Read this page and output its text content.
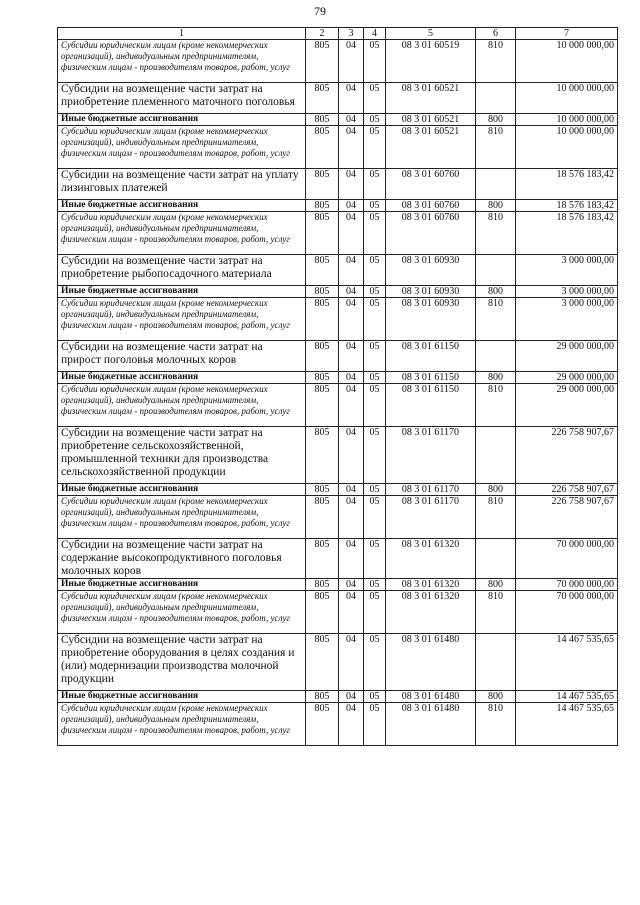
79
1	2	3	4	5	6	7
Субсидии юридическим лицам (кроме некоммерческих организаций), индивидуальным предпринимателям, физическим лицам - производителям товаров, работ, услуг	805	04	05	08 3 01 60519	810	10 000 000,00
Субсидии на возмещение части затрат на приобретение племенного маточного поголовья	805	04	05	08 3 01 60521		10 000 000,00
Иные бюджетные ассигнования	805	04	05	08 3 01 60521	800	10 000 000,00
Субсидии юридическим лицам (кроме некоммерческих организаций), индивидуальным предпринимателям, физическим лицам - производителям товаров, работ, услуг	805	04	05	08 3 01 60521	810	10 000 000,00
Субсидии на возмещение части затрат на уплату лизинговых платежей	805	04	05	08 3 01 60760		18 576 183,42
Иные бюджетные ассигнования	805	04	05	08 3 01 60760	800	18 576 183,42
Субсидии юридическим лицам (кроме некоммерческих организаций), индивидуальным предпринимателям, физическим лицам - производителям товаров, работ, услуг	805	04	05	08 3 01 60760	810	18 576 183,42
Субсидии на возмещение части затрат на приобретение рыбопосадочного материала	805	04	05	08 3 01 60930		3 000 000,00
Иные бюджетные ассигнования	805	04	05	08 3 01 60930	800	3 000 000,00
Субсидии юридическим лицам (кроме некоммерческих организаций), индивидуальным предпринимателям, физическим лицам - производителям товаров, работ, услуг	805	04	05	08 3 01 60930	810	3 000 000,00
Субсидии на возмещение части затрат на прирост поголовья молочных коров	805	04	05	08 3 01 61150		29 000 000,00
Иные бюджетные ассигнования	805	04	05	08 3 01 61150	800	29 000 000,00
Субсидии юридическим лицам (кроме некоммерческих организаций), индивидуальным предпринимателям, физическим лицам - производителям товаров, работ, услуг	805	04	05	08 3 01 61150	810	29 000 000,00
Субсидии на возмещение части затрат на приобретение сельскохозяйственной, промышленной техники для производства сельскохозяйственной продукции	805	04	05	08 3 01 61170		226 758 907,67
Иные бюджетные ассигнования	805	04	05	08 3 01 61170	800	226 758 907,67
Субсидии юридическим лицам (кроме некоммерческих организаций), индивидуальным предпринимателям, физическим лицам - производителям товаров, работ, услуг	805	04	05	08 3 01 61170	810	226 758 907,67
Субсидии на возмещение части затрат на содержание высокопродуктивного поголовья молочных коров	805	04	05	08 3 01 61320		70 000 000,00
Иные бюджетные ассигнования	805	04	05	08 3 01 61320	800	70 000 000,00
Субсидии юридическим лицам (кроме некоммерческих организаций), индивидуальным предпринимателям, физическим лицам - производителям товаров, работ, услуг	805	04	05	08 3 01 61320	810	70 000 000,00
Субсидии на возмещение части затрат на приобретение оборудования в целях создания и (или) модернизации производства молочной продукции	805	04	05	08 3 01 61480		14 467 535,65
Иные бюджетные ассигнования	805	04	05	08 3 01 61480	800	14 467 535,65
Субсидии юридическим лицам (кроме некоммерческих организаций), индивидуальным предпринимателям, физическим лицам - производителям товаров, работ, услуг	805	04	05	08 3 01 61480	810	14 467 535,65
